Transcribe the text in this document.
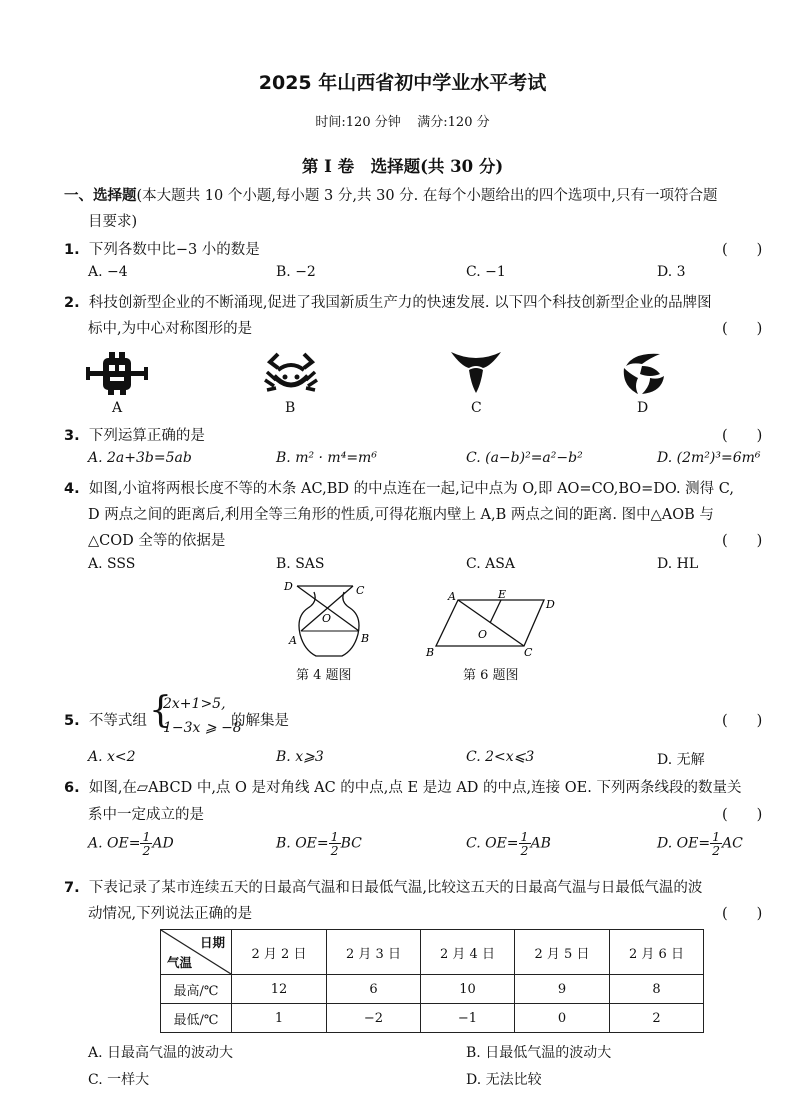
2025 年山西省初中学业水平考试
时间:120 分钟 满分:120 分
第 Ⅰ 卷　选择题(共 30 分)
一、选择题(本大题共 10 个小题,每小题 3 分,共 30 分. 在每个小题给出的四个选项中,只有一项符合题
目要求)
1. 下列各数中比−3 小的数是	(　　)
A. −4	B. −2	C. −1	D. 3
2. 科技创新型企业的不断涌现,促进了我国新质生产力的快速发展. 以下四个科技创新型企业的品牌图
标中,为中心对称图形的是	(　　)
A	B	C	D
3. 下列运算正确的是	(　　)
A. 2a+3b=5ab	B. m² · m⁴=m⁶	C. (a−b)²=a²−b²	D. (2m²)³=6m⁶
4. 如图,小谊将两根长度不等的木条 AC,BD 的中点连在一起,记中点为 O,即 AO=CO,BO=DO. 测得 C,
D 两点之间的距离后,利用全等三角形的性质,可得花瓶内壁上 A,B 两点之间的距离. 图中△AOB 与
△COD 全等的依据是	(　　)
A. SSS	B. SAS	C. ASA	D. HL
D	C
O
A	B
第 4 题图
A	E
D
O
B	C
第 6 题图
5. 不等式组 {
2x+1>5,
1−3x ⩾ −8
的解集是	(　　)
A. x<2	B. x⩾3	C. 2<x⩽3	D. 无解
6. 如图,在▱ABCD 中,点 O 是对角线 AC 的中点,点 E 是边 AD 的中点,连接 OE. 下列两条线段的数量关
系中一定成立的是	(　　)
A. $OE= \frac{1}{2}$ AD	B. $OE= \frac{1}{2}$ BC	C. $OE= \frac{1}{2}$ AB	D. $OE= \frac{1}{2}$ AC
7. 下表记录了某市连续五天的日最高气温和日最低气温,比较这五天的日最高气温与日最低气温的波
动情况,下列说法正确的是	(　　)
日期
气温	2 月 2 日	2 月 3 日	2 月 4 日	2 月 5 日	2 月 6 日
最高/℃	12	6	10	9	8
最低/℃	1	−2	−1	0	2
A. 日最高气温的波动大	B. 日最低气温的波动大
C. 一样大	D. 无法比较
